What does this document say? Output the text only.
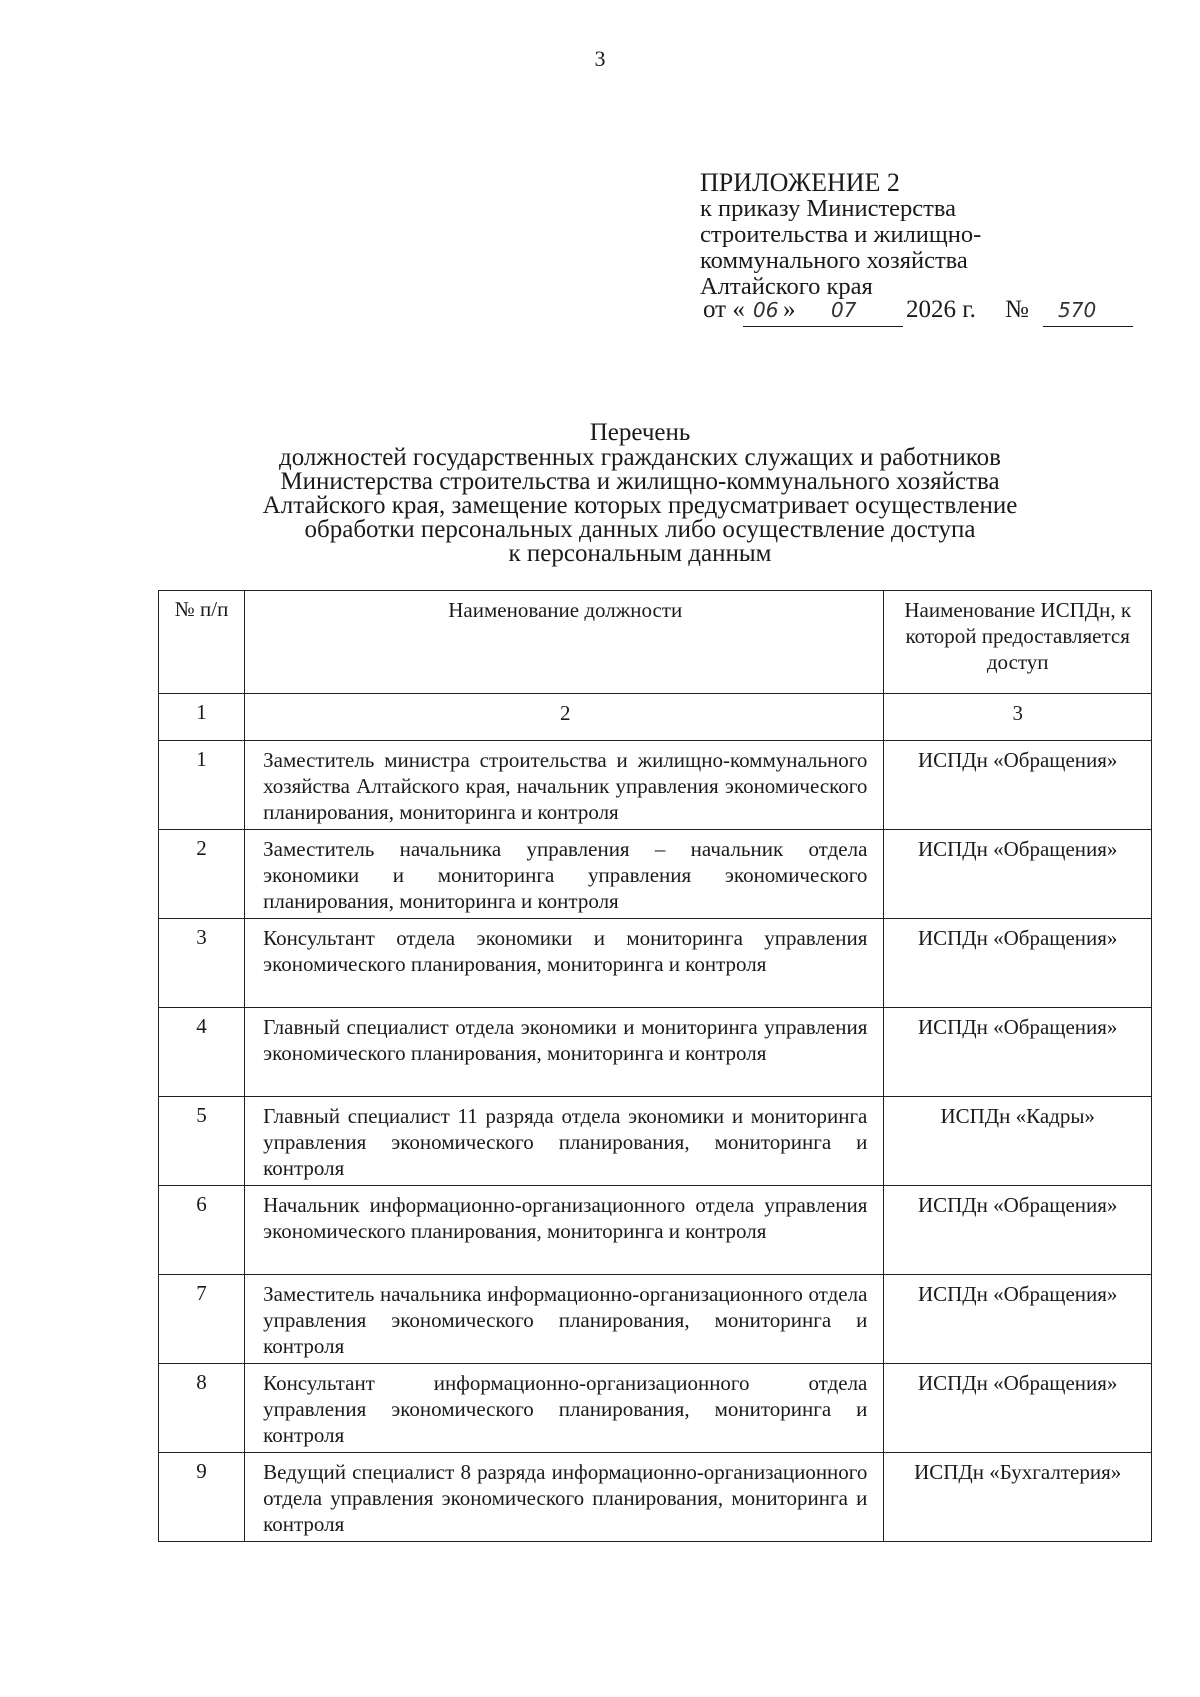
3
ПРИЛОЖЕНИЕ 2
к приказу Министерства
строительства и жилищно-
коммунального хозяйства
Алтайского края
от « 06 » 07 2026 г. № 570
Перечень
должностей государственных гражданских служащих и работников
Министерства строительства и жилищно-коммунального хозяйства
Алтайского края, замещение которых предусматривает осуществление
обработки персональных данных либо осуществление доступа
к персональным данным
№ п/п	Наименование должности	Наименование ИСПДн, к которой предоставляется доступ
1	2	3
1	Заместитель министра строительства и жилищно-коммунального хозяйства Алтайского края, начальник управления экономического планирования, мониторинга и контроля	ИСПДн «Обращения»
2	Заместитель начальника управления – начальник отдела экономики и мониторинга управления экономического планирования, мониторинга и контроля	ИСПДн «Обращения»
3	Консультант отдела экономики и мониторинга управления экономического планирования, мониторинга и контроля	ИСПДн «Обращения»
4	Главный специалист отдела экономики и мониторинга управления экономического планирования, мониторинга и контроля	ИСПДн «Обращения»
5	Главный специалист 11 разряда отдела экономики и мониторинга управления экономического планирования, мониторинга и контроля	ИСПДн «Кадры»
6	Начальник информационно-организационного отдела управления экономического планирования, мониторинга и контроля	ИСПДн «Обращения»
7	Заместитель начальника информационно-организационного отдела управления экономического планирования, мониторинга и контроля	ИСПДн «Обращения»
8	Консультант информационно-организационного отдела управления экономического планирования, мониторинга и контроля	ИСПДн «Обращения»
9	Ведущий специалист 8 разряда информационно-организационного отдела управления экономического планирования, мониторинга и контроля	ИСПДн «Бухгалтерия»
